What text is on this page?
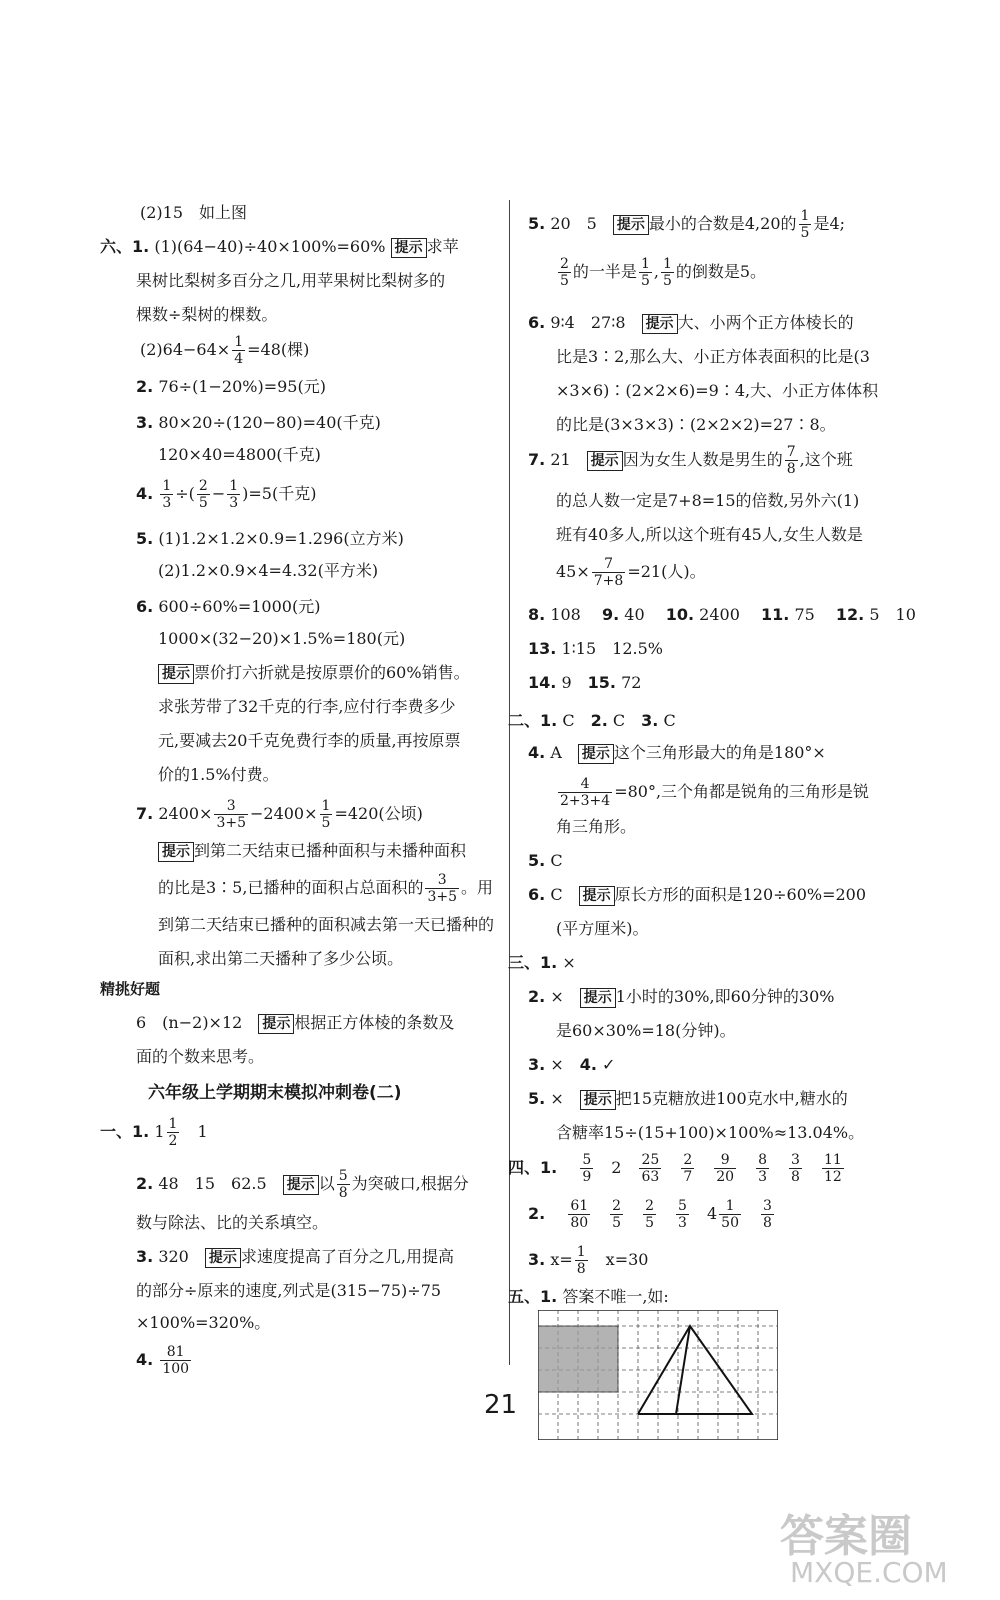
(2)15　如上图
六、1. (1)(64−40)÷40×100%=60% 提示 求苹
果树比梨树多百分之几,用苹果树比梨树多的
棵数÷梨树的棵数。
$(2)64-64\times \frac{1}{4} =48$(棵)
2. 76÷(1−20%)=95(元)
3. 80×20÷(120−80)=40(千克)
120×40=4800(千克)
4. $\frac{1}{3}$ ÷( $\frac{2}{5} - \frac{1}{3} )=5$(千克)
5. (1)1.2×1.2×0.9=1.296(立方米)
(2)1.2×0.9×4=4.32(平方米)
6. 600÷60%=1000(元)
1000×(32−20)×1.5%=180(元)
提示 票价打六折就是按原票价的60%销售。
求张芳带了32千克的行李,应付行李费多少
元,要减去20千克免费行李的质量,再按原票
价的1.5%付费。
7. $2400\times \frac{3}{3+5} -2400\times \frac{1}{5} =420$(公顷)
提示 到第二天结束已播种面积与未播种面积
的比是3∶5,已播种的面积占总面积的 $\frac{3}{3+5}$ 。用
到第二天结束已播种的面积减去第一天已播种的
面积,求出第二天播种了多少公顷。
精挑好题
6　(n−2)×12　 提示 根据正方体棱的条数及
面的个数来思考。
六年级上学期期末模拟冲刺卷(二)
一、1. $1 \frac{1}{2}$
　 1
2. 48　15　62.5　 提示 以 $\frac{5}{8}$ 为突破口,根据分
数与除法、比的关系填空。
3. 320　 提示 求速度提高了百分之几,用提高
的部分÷原来的速度,列式是(315−75)÷75
×100%=320%。
4. $\frac{81}{100}$
5. 20　5　 提示 最小的合数是4,20的 $\frac{1}{5}$ 是4;
$\frac{2}{5}$ 的一半是 $\frac{1}{5}$ , $\frac{1}{5}$ 的倒数是5。
6. 9∶4　27∶8　 提示 大、小两个正方体棱长的
比是3∶2,那么大、小正方体表面积的比是(3
×3×6)∶(2×2×6)=9∶4,大、小正方体体积
的比是(3×3×3)∶(2×2×2)=27∶8。
7. 21　 提示 因为女生人数是男生的 $\frac{7}{8}$ ,这个班
的总人数一定是7+8=15的倍数,另外六(1)
班有40多人,所以这个班有45人,女生人数是
$45\times \frac{7}{7+8} =21$(人)。
8. 108　 9. 40　 10. 2400　 11. 75　 12. 5　10
13. 1∶15　12.5%
14. 9　15. 72
二、1. C　2. C　3. C
4. A　 提示 这个三角形最大的角是180°×
$\frac{4}{2+3+4} =80^\circ$,三个角都是锐角的三角形是锐
角三角形。
5. C
6. C　 提示 原长方形的面积是120÷60%=200
(平方厘米)。
三、1. ×
2. ×　 提示 1小时的30%,即60分钟的30%
是60×30%=18(分钟)。
3. ×　4. ✓
5. ×　 提示 把15克糖放进100克水中,糖水的
含糖率15÷(15+100)×100%≈13.04%。
四、1. 　 $\frac{5}{9}$
　 2　 $\frac{25}{63}$
　 $\frac{2}{7}$
　 $\frac{9}{20}$
　 $\frac{8}{3}$
　 $\frac{3}{8}$
　 $\frac{11}{12}$
2. 　 $\frac{61}{80}$
　 $\frac{2}{5}$
　 $\frac{2}{5}$
　 $\frac{5}{3}$
　 $4 \frac{1}{50}$
　 $\frac{3}{8}$
3. $x= \frac{1}{8}$ 　x=30
五、1. 答案不唯一,如:
21
答案圈
MXQE.COM
